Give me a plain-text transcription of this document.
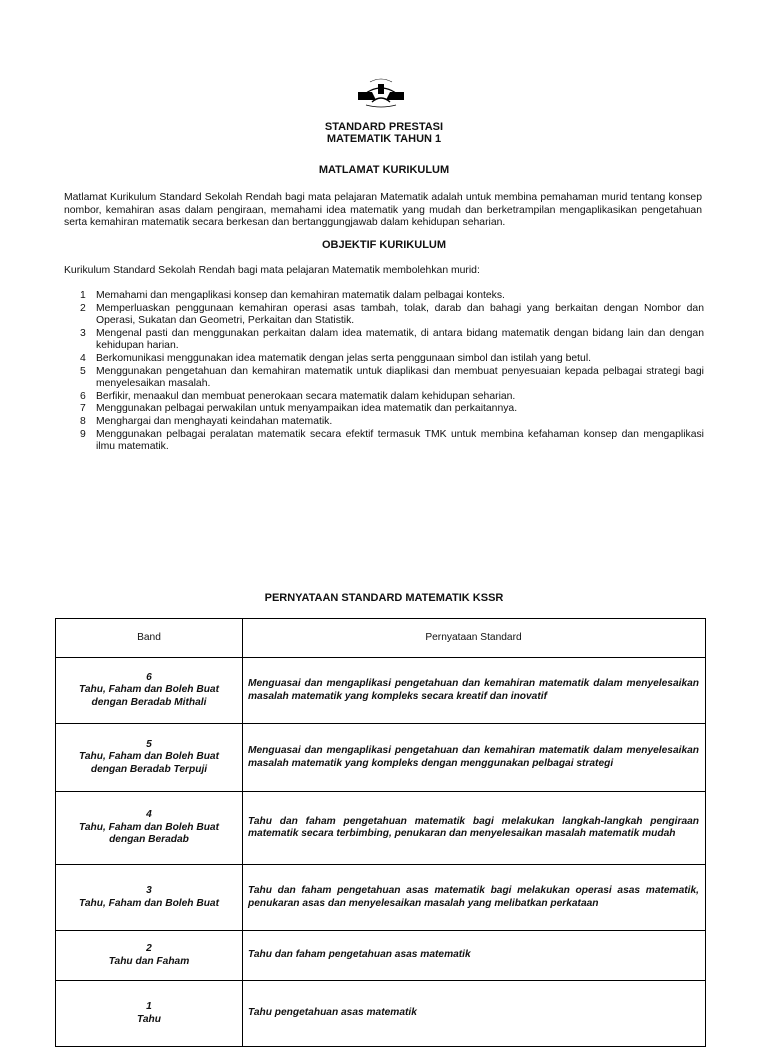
STANDARD PRESTASI
MATEMATIK TAHUN 1
MATLAMAT KURIKULUM
Matlamat Kurikulum Standard Sekolah Rendah bagi mata pelajaran Matematik adalah untuk membina pemahaman murid tentang konsep nombor, kemahiran asas dalam pengiraan, memahami idea matematik yang mudah dan berketrampilan mengaplikasikan pengetahuan serta kemahiran matematik secara berkesan dan bertanggungjawab dalam kehidupan seharian.
OBJEKTIF KURIKULUM
Kurikulum Standard Sekolah Rendah bagi mata pelajaran Matematik membolehkan murid:
1 Memahami dan mengaplikasi konsep dan kemahiran matematik dalam pelbagai konteks.
2 Memperluaskan penggunaan kemahiran operasi asas tambah, tolak, darab dan bahagi yang berkaitan dengan Nombor dan Operasi, Sukatan dan Geometri, Perkaitan dan Statistik.
3 Mengenal pasti dan menggunakan perkaitan dalam idea matematik, di antara bidang matematik dengan bidang lain dan dengan kehidupan harian.
4 Berkomunikasi menggunakan idea matematik dengan jelas serta penggunaan simbol dan istilah yang betul.
5 Menggunakan pengetahuan dan kemahiran matematik untuk diaplikasi dan membuat penyesuaian kepada pelbagai strategi bagi menyelesaikan masalah.
6 Berfikir, menaakul dan membuat penerokaan secara matematik dalam kehidupan seharian.
7 Menggunakan pelbagai perwakilan untuk menyampaikan idea matematik dan perkaitannya.
8 Menghargai dan menghayati keindahan matematik.
9 Menggunakan pelbagai peralatan matematik secara efektif termasuk TMK untuk membina kefahaman konsep dan mengaplikasi ilmu matematik.
PERNYATAAN STANDARD MATEMATIK KSSR
Band	Pernyataan Standard

6
Tahu, Faham dan Boleh Buat
dengan Beradab Mithali	Menguasai dan mengaplikasi pengetahuan dan kemahiran matematik dalam menyelesaikan masalah matematik yang kompleks secara kreatif dan inovatif

5
Tahu, Faham dan Boleh Buat
dengan Beradab Terpuji	Menguasai dan mengaplikasi pengetahuan dan kemahiran matematik dalam menyelesaikan masalah matematik yang kompleks dengan menggunakan pelbagai strategi

4
Tahu, Faham dan Boleh Buat
dengan Beradab	Tahu dan faham pengetahuan matematik bagi melakukan langkah-langkah pengiraan matematik secara terbimbing, penukaran dan menyelesaikan masalah matematik mudah

3
Tahu, Faham dan Boleh Buat	Tahu dan faham pengetahuan asas matematik bagi melakukan operasi asas matematik, penukaran asas dan menyelesaikan masalah yang melibatkan perkataan

2
Tahu dan Faham	Tahu dan faham pengetahuan asas matematik

1
Tahu	Tahu pengetahuan asas matematik
